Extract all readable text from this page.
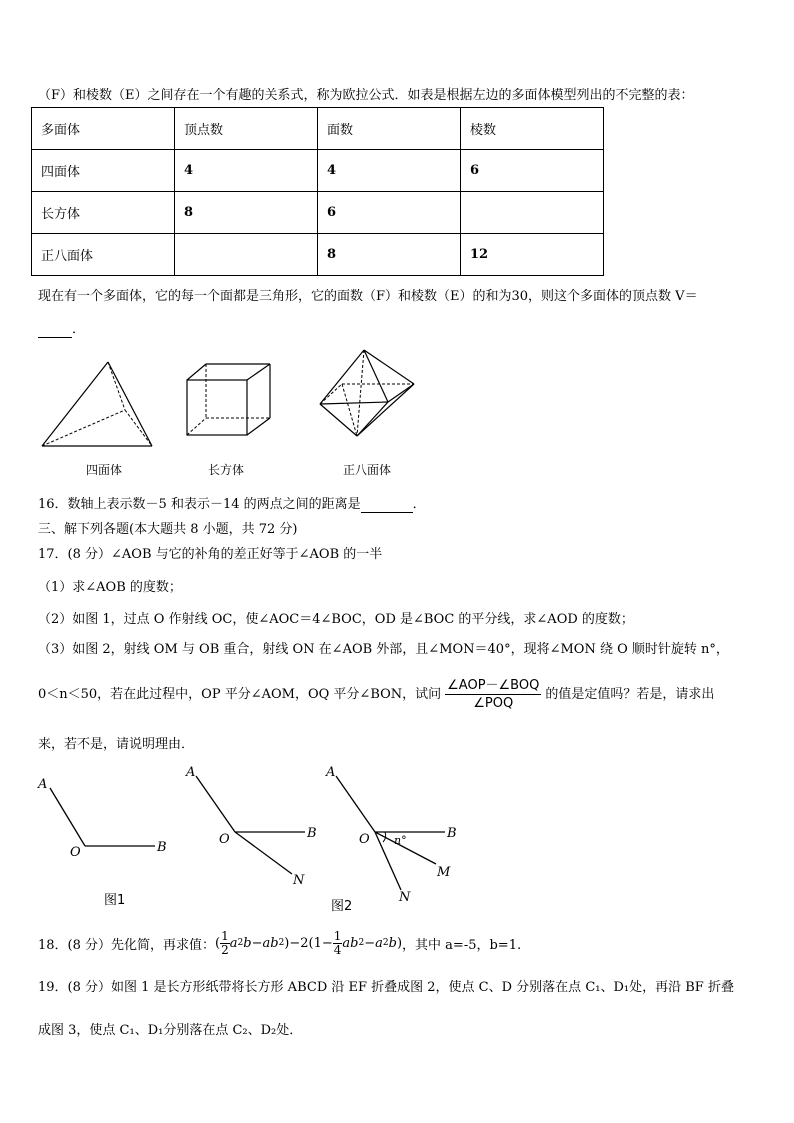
（F）和棱数（E）之间存在一个有趣的关系式，称为欧拉公式．如表是根据左边的多面体模型列出的不完整的表：
多面体	顶点数	面数	棱数
四面体	4	4	6
长方体	8	6	
正八面体		8	12
现在有一个多面体，它的每一个面都是三角形，它的面数（F）和棱数（E）的和为30，则这个多面体的顶点数 V＝
．
四面体	长方体	正八面体
16．数轴上表示数－5 和表示－14 的两点之间的距离是	．
三、解下列各题(本大题共 8 小题，共 72 分)
17．(8 分）∠AOB 与它的补角的差正好等于∠AOB 的一半
（1）求∠AOB 的度数；
（2）如图 1，过点 O 作射线 OC，使∠AOC＝4∠BOC，OD 是∠BOC 的平分线，求∠AOD 的度数；
（3）如图 2，射线 OM 与 OB 重合，射线 ON 在∠AOB 外部，且∠MON＝40°，现将∠MON 绕 O 顺时针旋转 n°，
0＜n＜50，若在此过程中，OP 平分∠AOM，OQ 平分∠BON，试问 $\frac{\text{∠AOP－∠BOQ}}{\text{∠POQ}}$ 的值是定值吗？若是，请求出
来，若不是，请说明理由．
A
O	B
A
O	B
N
A
O	B
M
N
n°
图1	图2
18．(8 分）先化简，再求值： ( 1
2 a 2 b − ab 2 )−2(1− 1
4 ab 2 − a 2 b ) ，其中 a=-5，b=1.
19．(8 分）如图 1 是长方形纸带将长方形 ABCD 沿 EF 折叠成图 2，使点 C、D 分别落在点 C₁、D₁处，再沿 BF 折叠
成图 3，使点 C₁、D₁分别落在点 C₂、D₂处．
